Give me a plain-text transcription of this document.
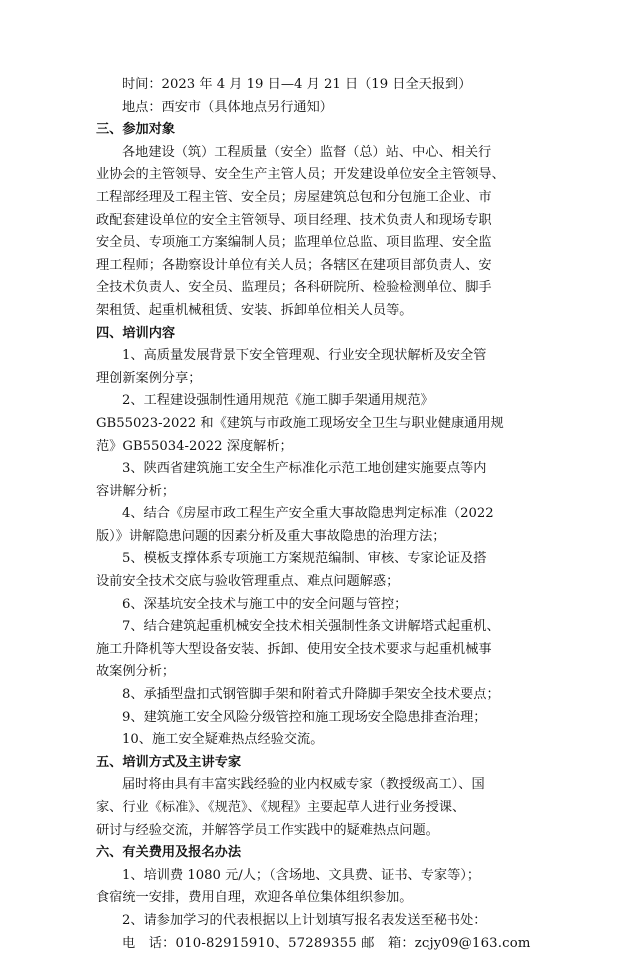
时间：2023 年 4 月 19 日—4 月 21 日（19 日全天报到）

地点：西安市（具体地点另行通知）

三、参加对象

各地建设（筑）工程质量（安全）监督（总）站、中心、相关行

业协会的主管领导、安全生产主管人员；开发建设单位安全主管领导、

工程部经理及工程主管、安全员；房屋建筑总包和分包施工企业、市

政配套建设单位的安全主管领导、项目经理、技术负责人和现场专职

安全员、专项施工方案编制人员；监理单位总监、项目监理、安全监

理工程师；各勘察设计单位有关人员；各辖区在建项目部负责人、安

全技术负责人、安全员、监理员；各科研院所、检验检测单位、脚手

架租赁、起重机械租赁、安装、拆卸单位相关人员等。

四、培训内容

1、高质量发展背景下安全管理观、行业安全现状解析及安全管

理创新案例分享；

2、工程建设强制性通用规范《施工脚手架通用规范》

GB55023-2022 和《建筑与市政施工现场安全卫生与职业健康通用规

范》GB55034-2022 深度解析；

3、陕西省建筑施工安全生产标准化示范工地创建实施要点等内

容讲解分析；

4、结合《房屋市政工程生产安全重大事故隐患判定标准（2022

版）》讲解隐患问题的因素分析及重大事故隐患的治理方法；

5、模板支撑体系专项施工方案规范编制、审核、专家论证及搭

设前安全技术交底与验收管理重点、难点问题解惑；

6、深基坑安全技术与施工中的安全问题与管控；

7、结合建筑起重机械安全技术相关强制性条文讲解塔式起重机、

施工升降机等大型设备安装、拆卸、使用安全技术要求与起重机械事

故案例分析；

8、承插型盘扣式钢管脚手架和附着式升降脚手架安全技术要点；

9、建筑施工安全风险分级管控和施工现场安全隐患排查治理；

10、施工安全疑难热点经验交流。

五、培训方式及主讲专家

届时将由具有丰富实践经验的业内权威专家（教授级高工）、国

家、行业《标准》、《规范》、《规程》主要起草人进行业务授课、

研讨与经验交流，并解答学员工作实践中的疑难热点问题。

六、有关费用及报名办法

1、培训费 1080 元/人；（含场地、文具费、证书、专家等）；

食宿统一安排，费用自理，欢迎各单位集体组织参加。

2、请参加学习的代表根据以上计划填写报名表发送至秘书处：

电　话：010-82915910、57289355 邮　箱：zcjy09@163.com
